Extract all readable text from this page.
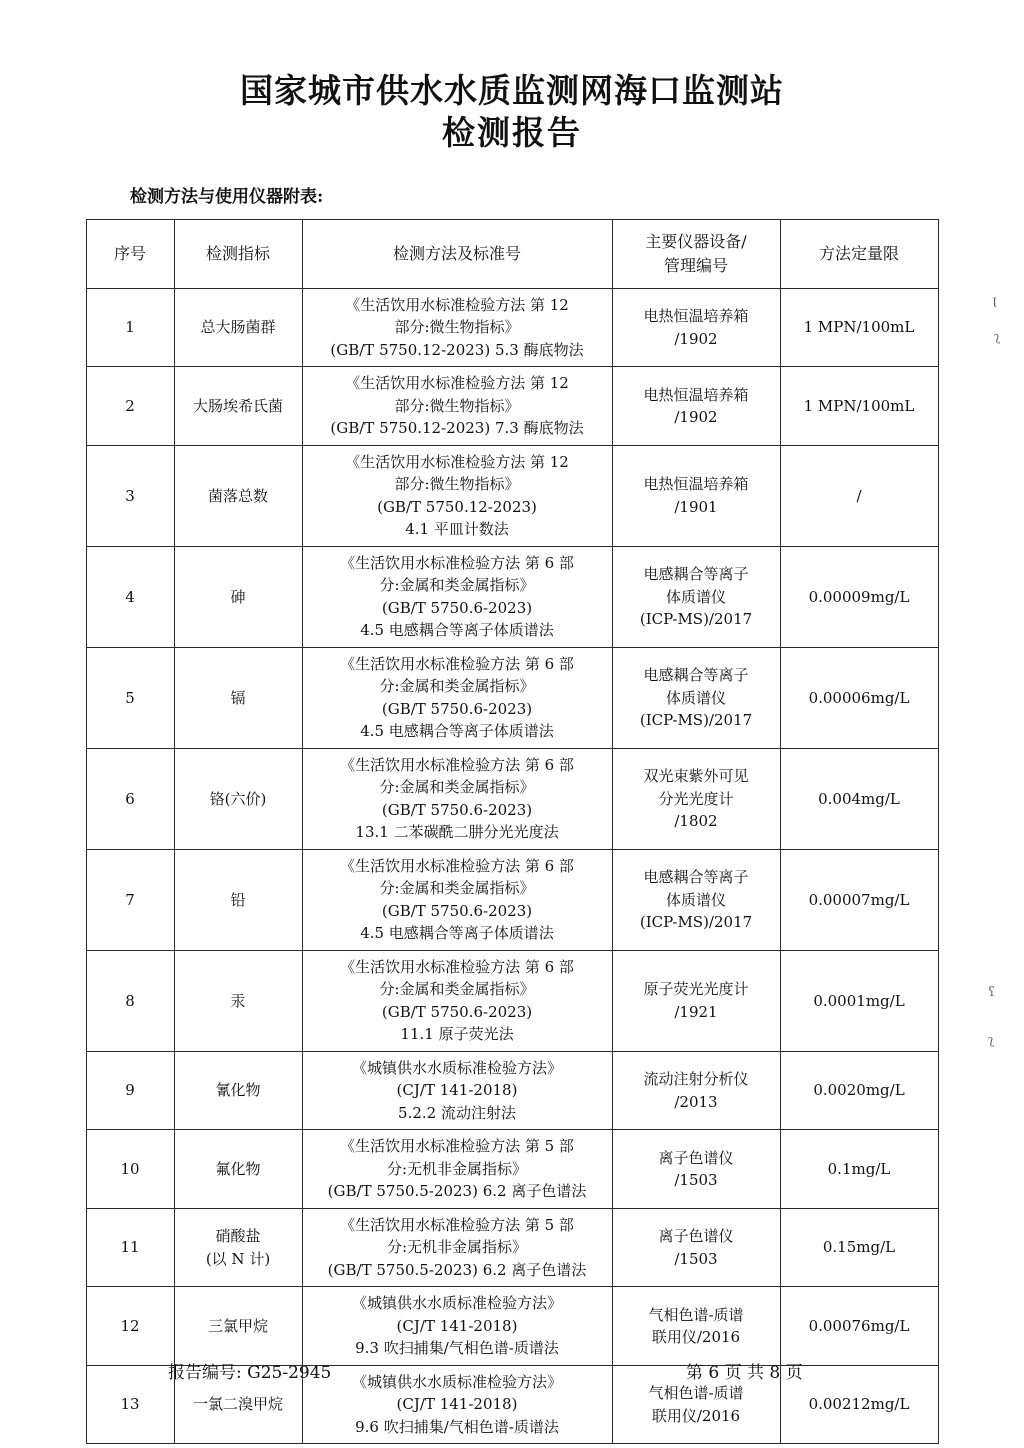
国家城市供水水质监测网海口监测站
检测报告
检测方法与使用仪器附表:
序号	检测指标	检测方法及标准号	主要仪器设备/
管理编号	方法定量限
1	总大肠菌群	《生活饮用水标准检验方法 第 12
部分:微生物指标》
(GB/T 5750.12-2023) 5.3 酶底物法	电热恒温培养箱
/1902	1 MPN/100mL
2	大肠埃希氏菌	《生活饮用水标准检验方法 第 12
部分:微生物指标》
(GB/T 5750.12-2023) 7.3 酶底物法	电热恒温培养箱
/1902	1 MPN/100mL
3	菌落总数	《生活饮用水标准检验方法 第 12
部分:微生物指标》
(GB/T 5750.12-2023)
4.1 平皿计数法	电热恒温培养箱
/1901	/
4	砷	《生活饮用水标准检验方法 第 6 部
分:金属和类金属指标》
(GB/T 5750.6-2023)
4.5 电感耦合等离子体质谱法	电感耦合等离子
体质谱仪
(ICP-MS)/2017	0.00009mg/L
5	镉	《生活饮用水标准检验方法 第 6 部
分:金属和类金属指标》
(GB/T 5750.6-2023)
4.5 电感耦合等离子体质谱法	电感耦合等离子
体质谱仪
(ICP-MS)/2017	0.00006mg/L
6	铬(六价)	《生活饮用水标准检验方法 第 6 部
分:金属和类金属指标》
(GB/T 5750.6-2023)
13.1 二苯碳酰二肼分光光度法	双光束紫外可见
分光光度计
/1802	0.004mg/L
7	铅	《生活饮用水标准检验方法 第 6 部
分:金属和类金属指标》
(GB/T 5750.6-2023)
4.5 电感耦合等离子体质谱法	电感耦合等离子
体质谱仪
(ICP-MS)/2017	0.00007mg/L
8	汞	《生活饮用水标准检验方法 第 6 部
分:金属和类金属指标》
(GB/T 5750.6-2023)
11.1 原子荧光法	原子荧光光度计
/1921	0.0001mg/L
9	氰化物	《城镇供水水质标准检验方法》
(CJ/T 141-2018)
5.2.2 流动注射法	流动注射分析仪
/2013	0.0020mg/L
10	氟化物	《生活饮用水标准检验方法 第 5 部
分:无机非金属指标》
(GB/T 5750.5-2023) 6.2 离子色谱法	离子色谱仪
/1503	0.1mg/L
11	硝酸盐
(以 N 计)	《生活饮用水标准检验方法 第 5 部
分:无机非金属指标》
(GB/T 5750.5-2023) 6.2 离子色谱法	离子色谱仪
/1503	0.15mg/L
12	三氯甲烷	《城镇供水水质标准检验方法》
(CJ/T 141-2018)
9.3 吹扫捕集/气相色谱-质谱法	气相色谱-质谱
联用仪/2016	0.00076mg/L
13	一氯二溴甲烷	《城镇供水水质标准检验方法》
(CJ/T 141-2018)
9.6 吹扫捕集/气相色谱-质谱法	气相色谱-质谱
联用仪/2016	0.00212mg/L
报告编号: G25-2945	第 6 页 共 8 页
Ɩ
ʅ
ʕ
ʅ
